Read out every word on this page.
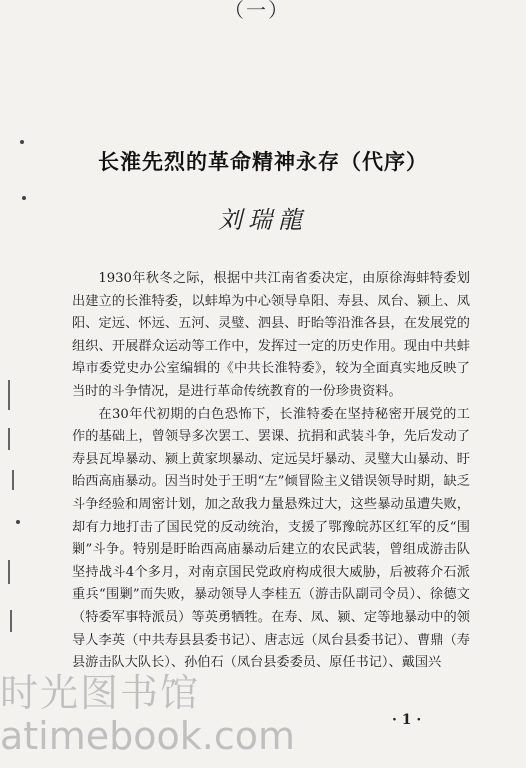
（一）
长淮先烈的革命精神永存（代序）
刘瑞龍

1930年秋冬之际，根据中共江南省委决定，由原徐海蚌特委划出建立的长淮特委，以蚌埠为中心领导阜阳、寿县、凤台、颍上、凤阳、定远、怀远、五河、灵璧、泗县、盱眙等沿淮各县，在发展党的组织、开展群众运动等工作中，发挥过一定的历史作用。现由中共蚌埠市委党史办公室编辑的《中共长淮特委》，较为全面真实地反映了当时的斗争情况，是进行革命传统教育的一份珍贵资料。

在30年代初期的白色恐怖下，长淮特委在坚持秘密开展党的工作的基础上，曾领导多次罢工、罢课、抗捐和武装斗争，先后发动了寿县瓦埠暴动、颍上黄家坝暴动、定远吴圩暴动、灵璧大山暴动、盱眙西高庙暴动。因当时处于王明“左”倾冒险主义错误领导时期，缺乏斗争经验和周密计划，加之敌我力量悬殊过大，这些暴动虽遭失败，却有力地打击了国民党的反动统治，支援了鄂豫皖苏区红军的反“围剿”斗争。特别是盱眙西高庙暴动后建立的农民武装，曾组成游击队坚持战斗4个多月，对南京国民党政府构成很大威胁，后被蒋介石派重兵“围剿”而失败，暴动领导人李桂五（游击队副司令员）、徐德文（特委军事特派员）等英勇牺牲。在寿、凤、颍、定等地暴动中的领导人李英（中共寿县县委书记）、唐志远（凤台县委书记）、曹鼎（寿县游击队大队长）、孙伯石（凤台县委委员、原任书记）、戴国兴

· 1 ·
时光图书馆
atimebook.com
